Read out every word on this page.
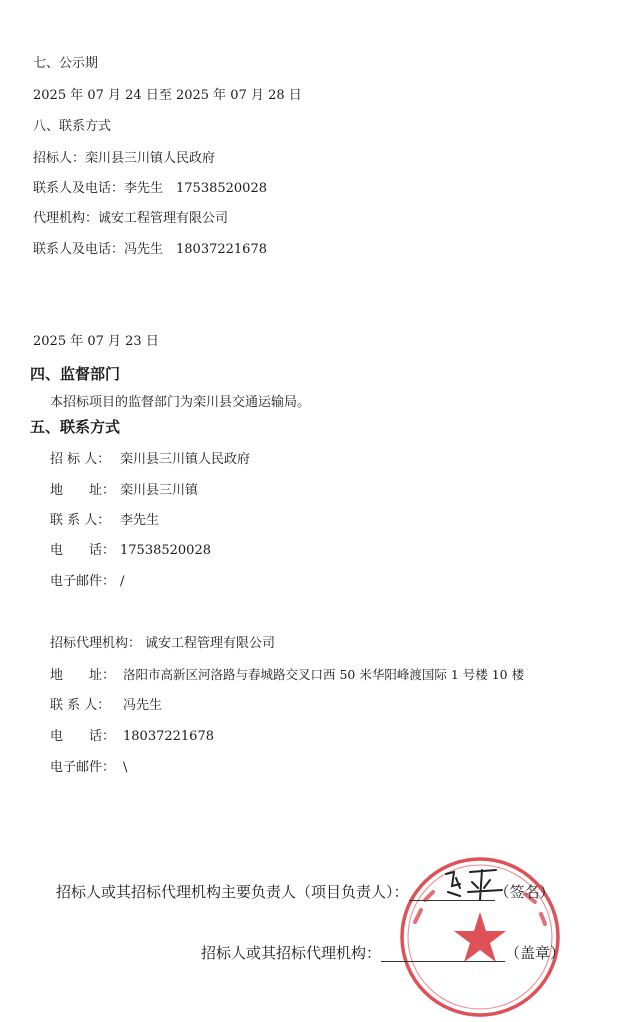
七、公示期
2025 年 07 月 24 日至 2025 年 07 月 28 日
八、联系方式
招标人：栾川县三川镇人民政府
联系人及电话：李先生　17538520028
代理机构：诚安工程管理有限公司
联系人及电话：冯先生　18037221678
2025 年 07 月 23 日
四、监督部门
本招标项目的监督部门为栾川县交通运输局。
五、联系方式
招 标 人： 栾川县三川镇人民政府
地　　址： 栾川县三川镇
联 系 人： 李先生
电　　话： 17538520028
电子邮件： /
招标代理机构： 诚安工程管理有限公司
地　　址： 洛阳市高新区河洛路与春城路交叉口西 50 米华阳峰渡国际 1 号楼 10 楼
联 系 人： 冯先生
电　　话： 18037221678
电子邮件： \
招标人或其招标代理机构主要负责人（项目负责人）：	（签名）
招标人或其招标代理机构：	（盖章）
